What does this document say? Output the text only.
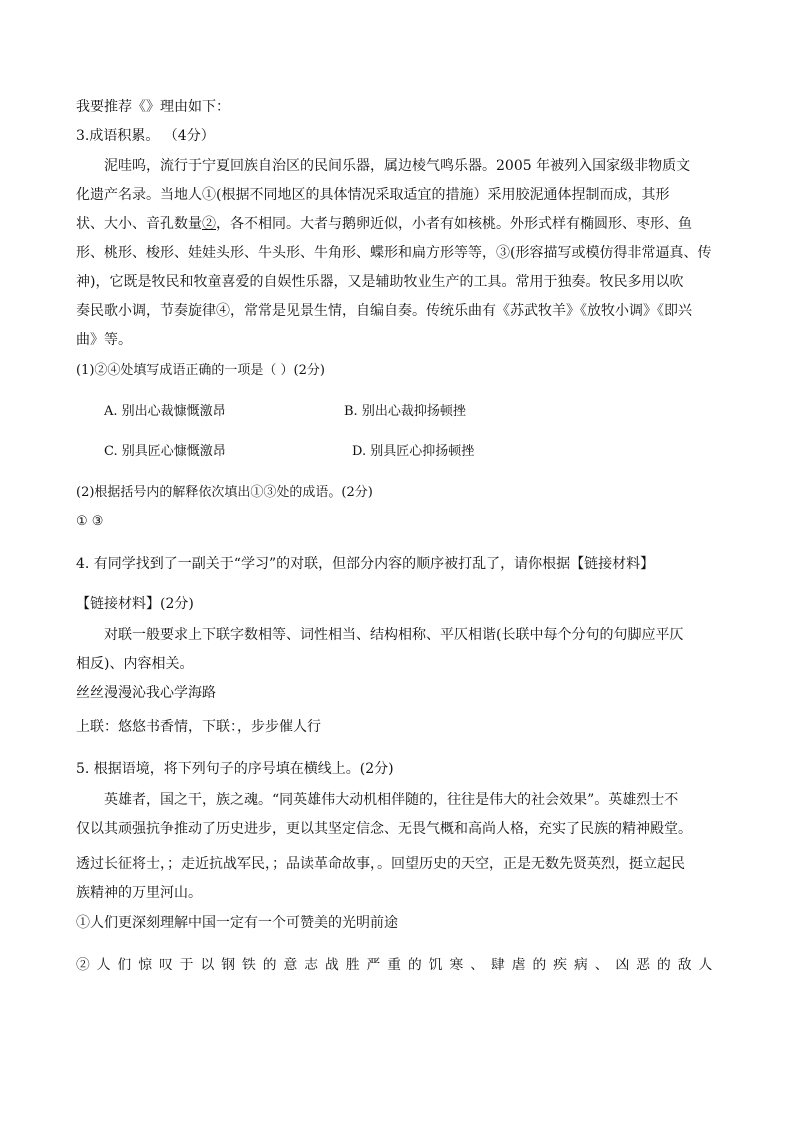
我要推荐《》理由如下：
3.成语积累。 （4分）
泥哇呜，流行于宁夏回族自治区的民间乐器，属边棱气鸣乐器。2005 年被列入国家级非物质文
化遗产名录。当地人①(根据不同地区的具体情况采取适宜的措施）采用胶泥通体捏制而成，其形
状、大小、音孔数量②，各不相同。大者与鹅卵近似，小者有如核桃。外形式样有椭圆形、枣形、鱼
形、桃形、梭形、娃娃头形、牛头形、牛角形、蝶形和扁方形等等，③(形容描写或模仿得非常逼真、传
神)，它既是牧民和牧童喜爱的自娱性乐器，又是辅助牧业生产的工具。常用于独奏。牧民多用以吹
奏民歌小调，节奏旋律④，常常是见景生情，自编自奏。传统乐曲有《苏武牧羊》《放牧小调》《即兴
曲》等。
(1)②④处填写成语正确的一项是（ ）(2分)
A. 别出心裁慷慨激昂	B. 别出心裁抑扬顿挫
C. 别具匠心慷慨激昂	D. 别具匠心抑扬顿挫
(2)根据括号内的解释依次填出①③处的成语。(2分)
① ③
4. 有同学找到了一副关于“学习”的对联，但部分内容的顺序被打乱了，请你根据【链接材料】
【链接材料】(2分)
对联一般要求上下联字数相等、词性相当、结构相称、平仄相谐(长联中每个分句的句脚应平仄
相反)、内容相关。
丝丝漫漫沁我心学海路
上联：悠悠书香情，下联：，步步催人行
5. 根据语境，将下列句子的序号填在横线上。(2分)
英雄者，国之干，族之魂。“同英雄伟大动机相伴随的，往往是伟大的社会效果”。英雄烈士不
仅以其顽强抗争推动了历史进步，更以其坚定信念、无畏气概和高尚人格，充实了民族的精神殿堂。
透过长征将士，；走近抗战军民，；品读革命故事，。回望历史的天空，正是无数先贤英烈，挺立起民
族精神的万里河山。
①人们更深刻理解中国一定有一个可赞美的光明前途
②人们惊叹于以钢铁的意志战胜严重的饥寒、肆虐的疾病、凶恶的敌人
